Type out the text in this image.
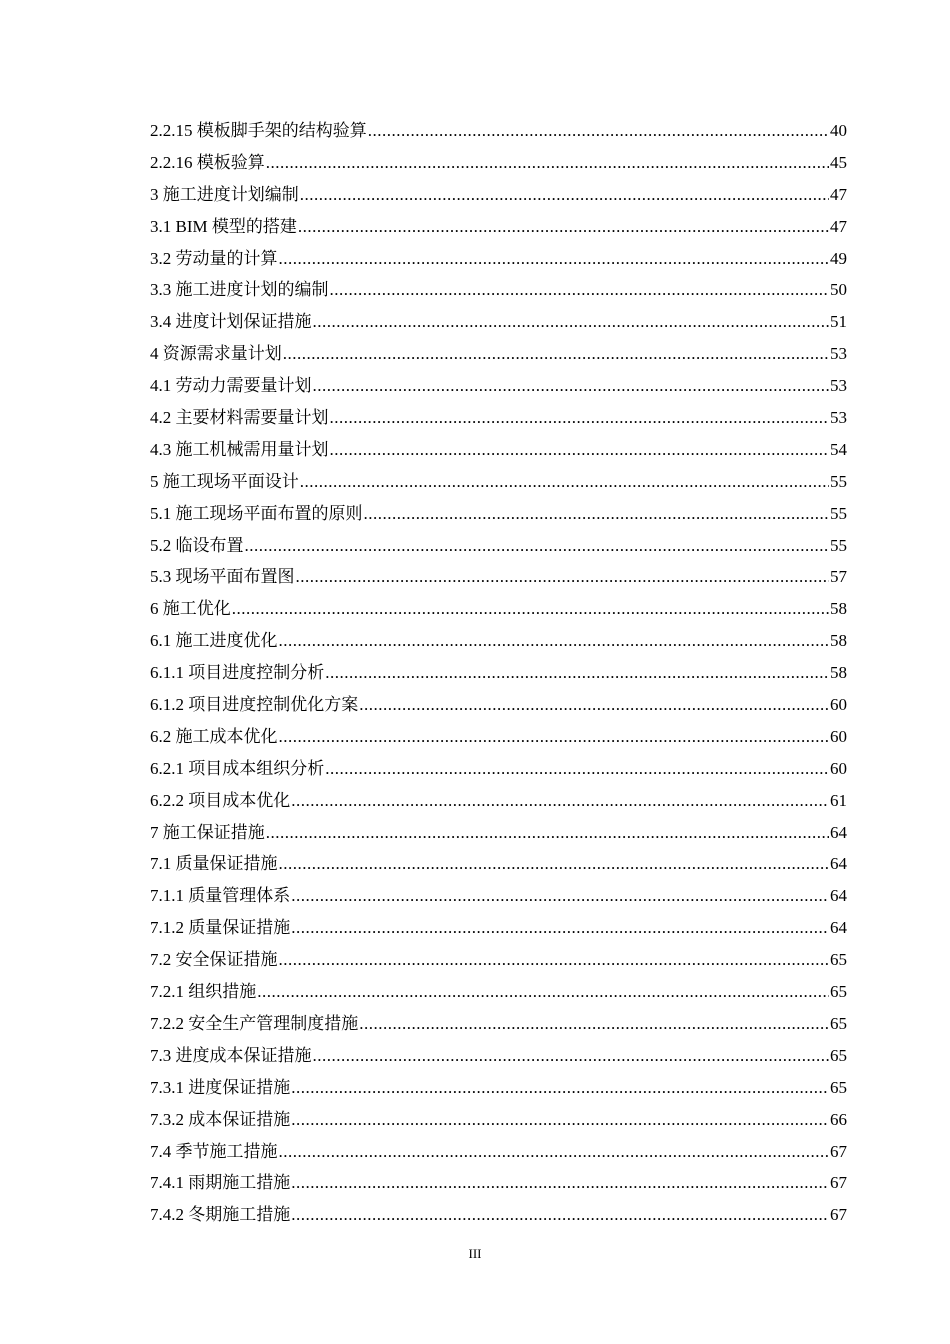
2.2.15 模板脚手架的结构验算 .....	40
2.2.16 模板验算 .....	45
3 施工进度计划编制 .....	47
3.1 BIM 模型的搭建 .....	47
3.2 劳动量的计算 .....	49
3.3 施工进度计划的编制 .....	50
3.4 进度计划保证措施 .....	51
4 资源需求量计划 .....	53
4.1 劳动力需要量计划 .....	53
4.2 主要材料需要量计划 .....	53
4.3 施工机械需用量计划 .....	54
5 施工现场平面设计 .....	55
5.1 施工现场平面布置的原则 .....	55
5.2 临设布置 .....	55
5.3 现场平面布置图 .....	57
6 施工优化 .....	58
6.1 施工进度优化 .....	58
6.1.1 项目进度控制分析 .....	58
6.1.2 项目进度控制优化方案 .....	60
6.2 施工成本优化 .....	60
6.2.1 项目成本组织分析 .....	60
6.2.2 项目成本优化 .....	61
7 施工保证措施 .....	64
7.1 质量保证措施 .....	64
7.1.1 质量管理体系 .....	64
7.1.2 质量保证措施 .....	64
7.2 安全保证措施 .....	65
7.2.1 组织措施 .....	65
7.2.2 安全生产管理制度措施 .....	65
7.3 进度成本保证措施 .....	65
7.3.1 进度保证措施 .....	65
7.3.2 成本保证措施 .....	66
7.4 季节施工措施 .....	67
7.4.1 雨期施工措施 .....	67
7.4.2 冬期施工措施 .....	67
III
